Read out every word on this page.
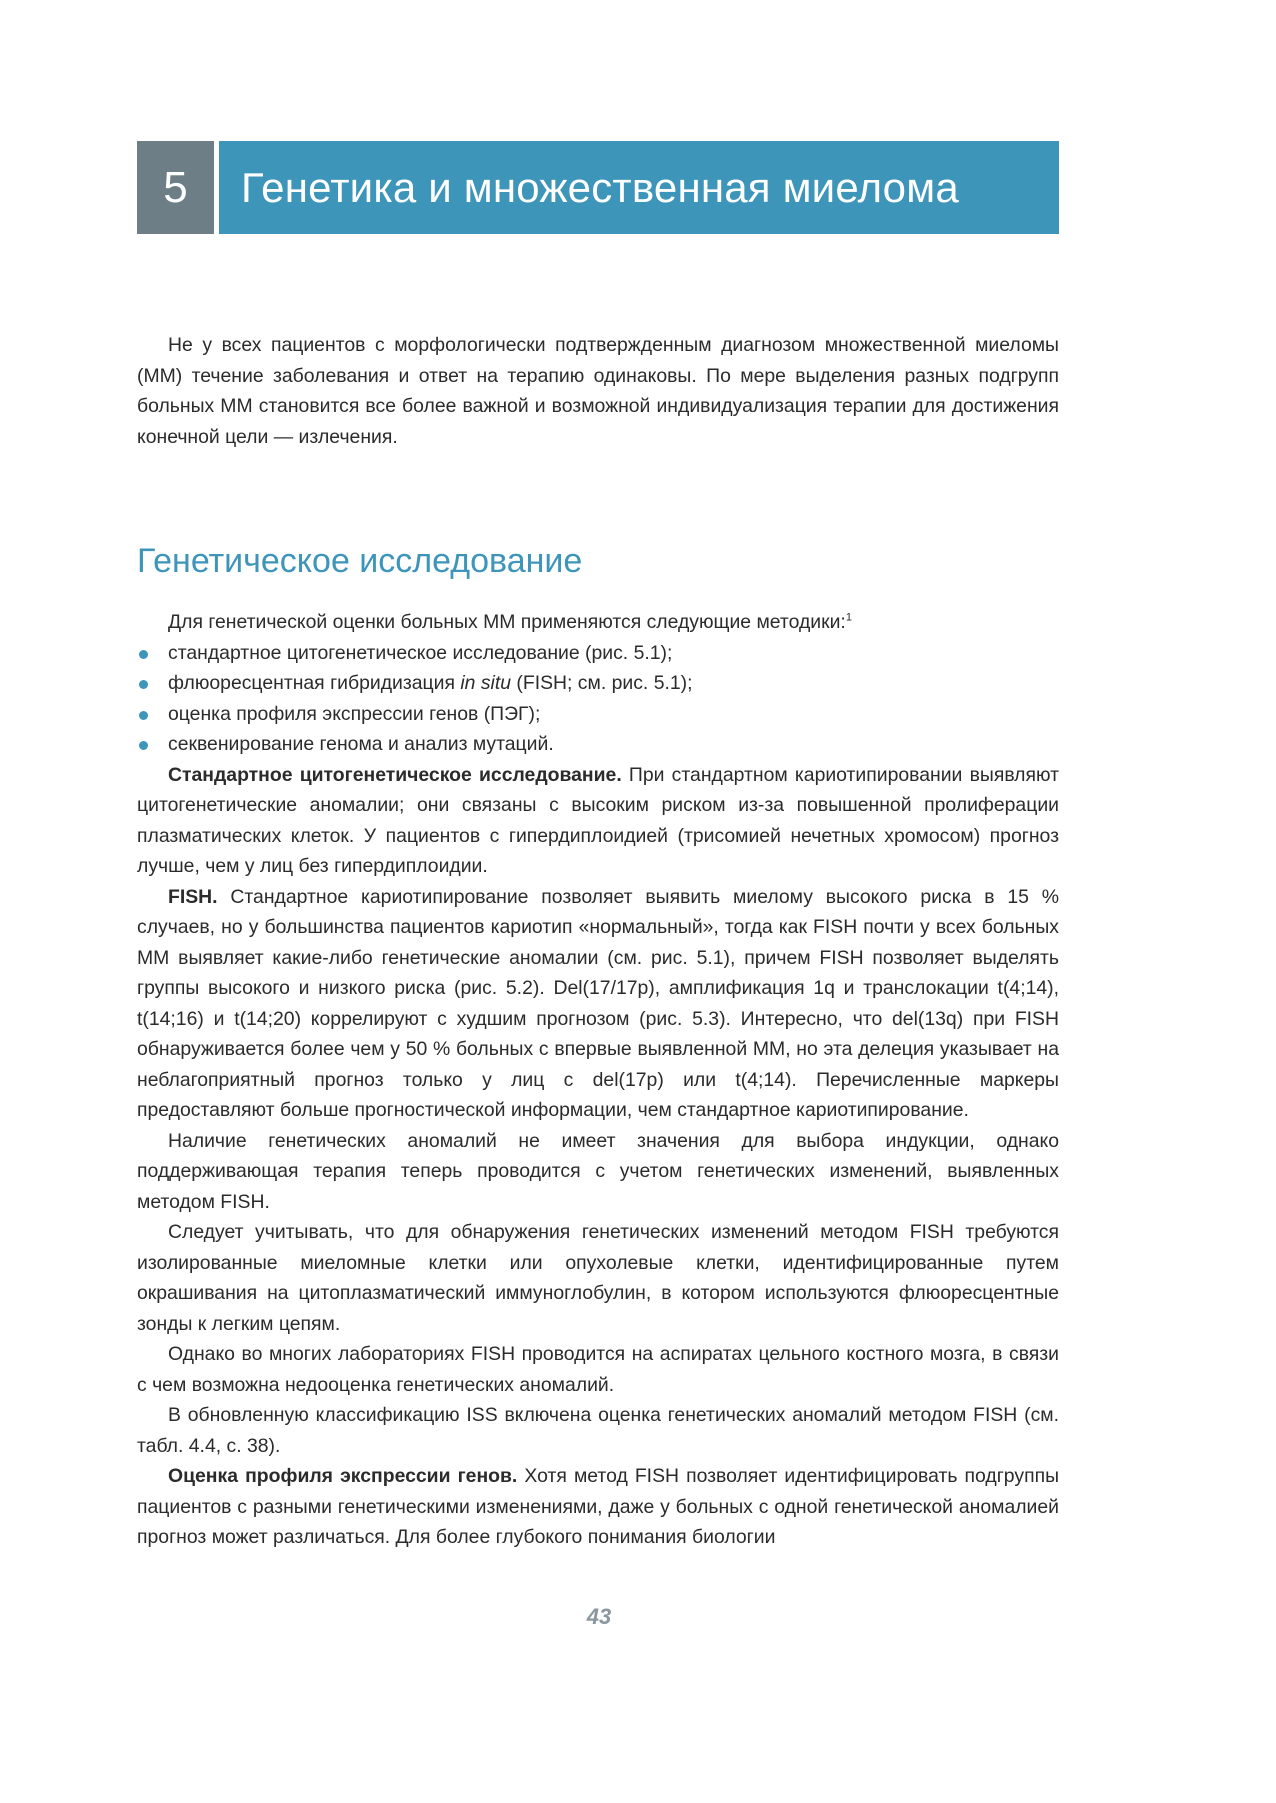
5	Генетика и множественная миелома

Не у всех пациентов с морфологически подтвержденным диагнозом множественной миеломы (ММ) течение заболевания и ответ на терапию одинаковы. По мере выделения разных подгрупп больных ММ становится все более важной и возможной индивидуализация терапии для достижения конечной цели — излечения.

Генетическое исследование

Для генетической оценки больных ММ применяются следующие методики:$^1$

стандартное цитогенетическое исследование (рис. 5.1);
флюоресцентная гибридизация in situ (FISH; см. рис. 5.1);
оценка профиля экспрессии генов (ПЭГ);
секвенирование генома и анализ мутаций.

Стандартное цитогенетическое исследование. При стандартном кариотипировании выявляют цитогенетические аномалии; они связаны с высоким риском из-за повышенной пролиферации плазматических клеток. У пациентов с гипердиплоидией (трисомией нечетных хромосом) прогноз лучше, чем у лиц без гипердиплоидии.

FISH. Стандартное кариотипирование позволяет выявить миелому высокого риска в 15 % случаев, но у большинства пациентов кариотип «нормальный», тогда как FISH почти у всех больных ММ выявляет какие-либо генетические аномалии (см. рис. 5.1), причем FISH позволяет выделять группы высокого и низкого риска (рис. 5.2). Del(17/17p), амплификация 1q и транслокации t(4;14), t(14;16) и t(14;20) коррелируют с худшим прогнозом (рис. 5.3). Интересно, что del(13q) при FISH обнаруживается более чем у 50 % больных с впервые выявленной ММ, но эта делеция указывает на неблагоприятный прогноз только у лиц с del(17p) или t(4;14). Перечисленные маркеры предоставляют больше прогностической информации, чем стандартное кариотипирование.

Наличие генетических аномалий не имеет значения для выбора индукции, однако поддерживающая терапия теперь проводится с учетом генетических изменений, выявленных методом FISH.

Следует учитывать, что для обнаружения генетических изменений методом FISH требуются изолированные миеломные клетки или опухолевые клетки, идентифицированные путем окрашивания на цитоплазматический иммуноглобулин, в котором используются флюоресцентные зонды к легким цепям.

Однако во многих лабораториях FISH проводится на аспиратах цельного костного мозга, в связи с чем возможна недооценка генетических аномалий.

В обновленную классификацию ISS включена оценка генетических аномалий методом FISH (см. табл. 4.4, с. 38).

Оценка профиля экспрессии генов. Хотя метод FISH позволяет идентифицировать подгруппы пациентов с разными генетическими изменениями, даже у больных с одной генетической аномалией прогноз может различаться. Для более глубокого понимания биологии

43
